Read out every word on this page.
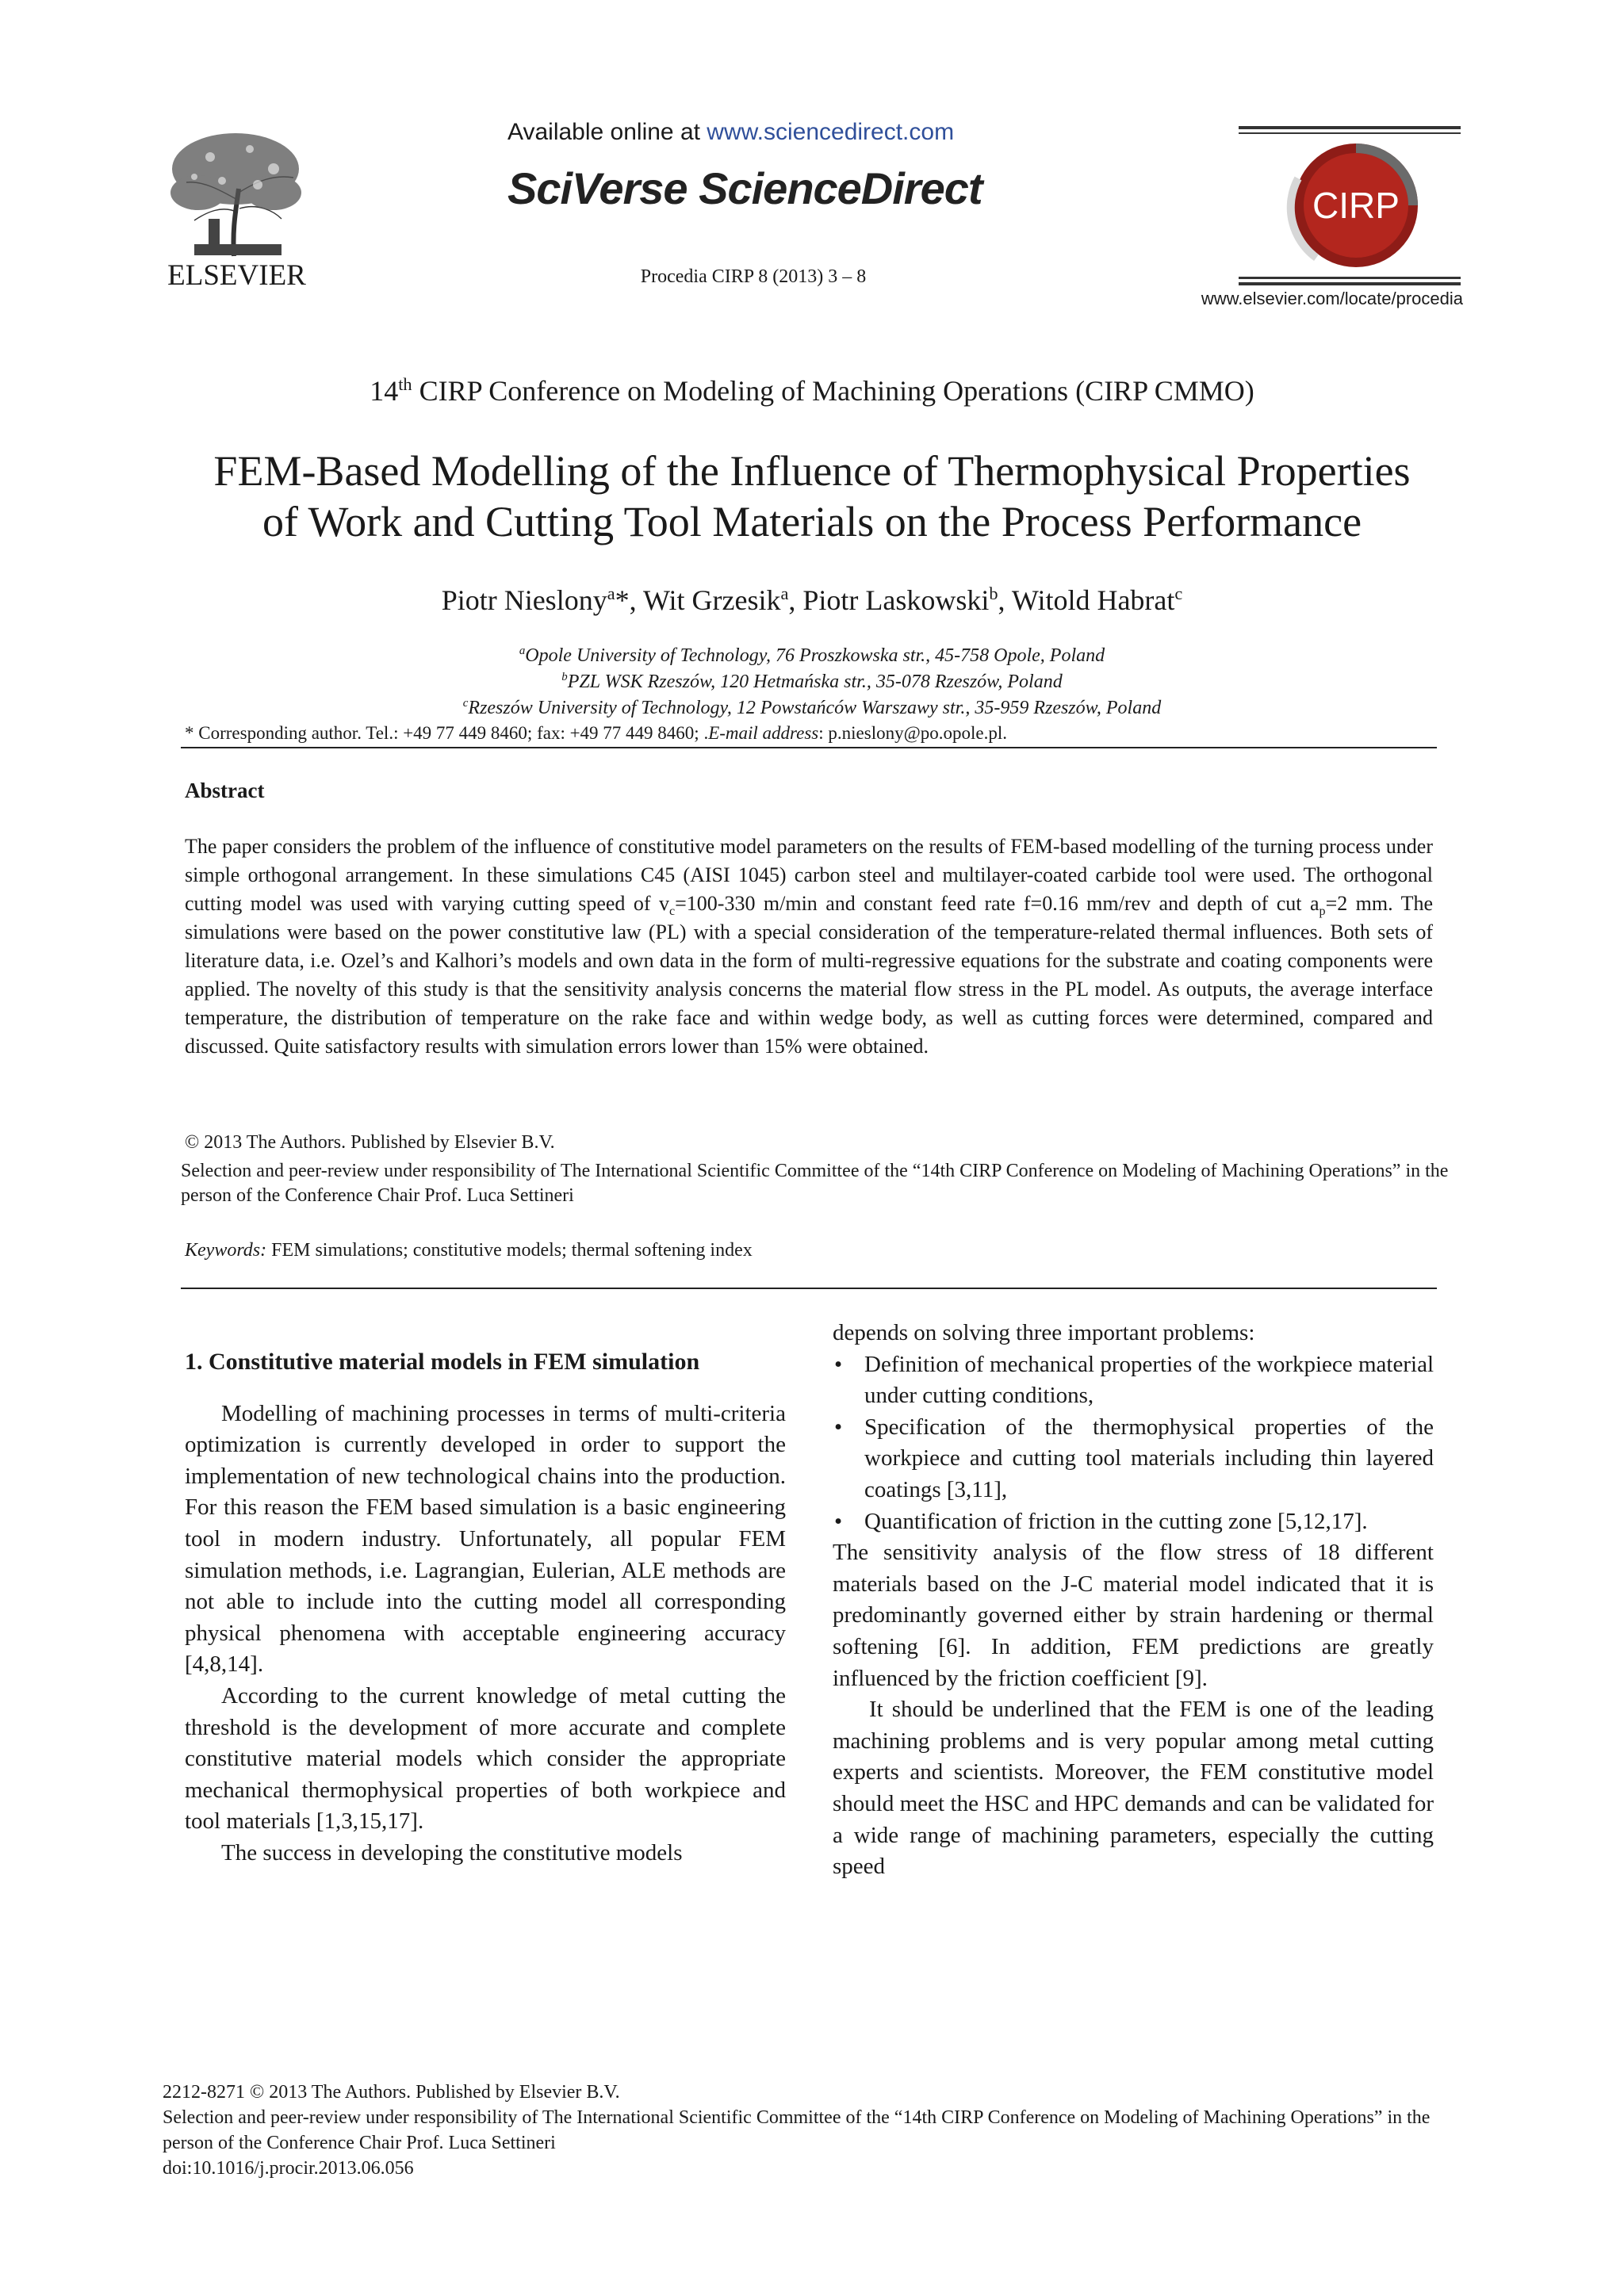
ELSEVIER
Available online at www.sciencedirect.com
SciVerse ScienceDirect
Procedia CIRP 8 (2013) 3 – 8
CIRP
www.elsevier.com/locate/procedia
14th CIRP Conference on Modeling of Machining Operations (CIRP CMMO)
FEM-Based Modelling of the Influence of Thermophysical Properties
of Work and Cutting Tool Materials on the Process Performance
Piotr Nieslony$^a$*, Wit Grzesik$^a$, Piotr Laskowski$^b$, Witold Habrat$^c$
$^a$Opole University of Technology, 76 Proszkowska str., 45-758 Opole, Poland
$^b$PZL WSK Rzeszów, 120 Hetmańska str., 35-078 Rzeszów, Poland
$^c$Rzeszów University of Technology, 12 Powstańców Warszawy str., 35-959 Rzeszów, Poland
* Corresponding author. Tel.: +49 77 449 8460; fax: +49 77 449 8460; .E-mail address: p.nieslony@po.opole.pl.
Abstract
The paper considers the problem of the influence of constitutive model parameters on the results of FEM-based modelling of the turning process under simple orthogonal arrangement. In these simulations C45 (AISI 1045) carbon steel and multilayer-coated carbide tool were used. The orthogonal cutting model was used with varying cutting speed of $v_c=100-330$ m/min and constant feed rate f=0.16 mm/rev and depth of cut $a_p=2$ mm. The simulations were based on the power constitutive law (PL) with a special consideration of the temperature-related thermal influences. Both sets of literature data, i.e. Ozel’s and Kalhori’s models and own data in the form of multi-regressive equations for the substrate and coating components were applied. The novelty of this study is that the sensitivity analysis concerns the material flow stress in the PL model. As outputs, the average interface temperature, the distribution of temperature on the rake face and within wedge body, as well as cutting forces were determined, compared and discussed. Quite satisfactory results with simulation errors lower than 15% were obtained.
© 2013 The Authors. Published by Elsevier B.V.
Selection and peer-review under responsibility of The International Scientific Committee of the “14th CIRP Conference on Modeling of Machining Operations” in the person of the Conference Chair Prof. Luca Settineri
Keywords: FEM simulations; constitutive models; thermal softening index

1. Constitutive material models in FEM simulation

Modelling of machining processes in terms of multi-criteria optimization is currently developed in order to support the implementation of new technological chains into the production. For this reason the FEM based simulation is a basic engineering tool in modern industry. Unfortunately, all popular FEM simulation methods, i.e. Lagrangian, Eulerian, ALE methods are not able to include into the cutting model all corresponding physical phenomena with acceptable engineering accuracy [4,8,14].

According to the current knowledge of metal cutting the threshold is the development of more accurate and complete constitutive material models which consider the appropriate mechanical thermophysical properties of both workpiece and tool materials [1,3,15,17].

The success in developing the constitutive models

depends on solving three important problems:

• Definition of mechanical properties of the workpiece material under cutting conditions,
• Specification of the thermophysical properties of the workpiece and cutting tool materials including thin layered coatings [3,11],
• Quantification of friction in the cutting zone [5,12,17].

The sensitivity analysis of the flow stress of 18 different materials based on the J-C material model indicated that it is predominantly governed either by strain hardening or thermal softening [6]. In addition, FEM predictions are greatly influenced by the friction coefficient [9].

It should be underlined that the FEM is one of the leading machining problems and is very popular among metal cutting experts and scientists. Moreover, the FEM constitutive model should meet the HSC and HPC demands and can be validated for a wide range of machining parameters, especially the cutting speed

2212-8271 © 2013 The Authors. Published by Elsevier B.V.
Selection and peer-review under responsibility of The International Scientific Committee of the “14th CIRP Conference on Modeling of Machining Operations” in the person of the Conference Chair Prof. Luca Settineri
doi:10.1016/j.procir.2013.06.056
